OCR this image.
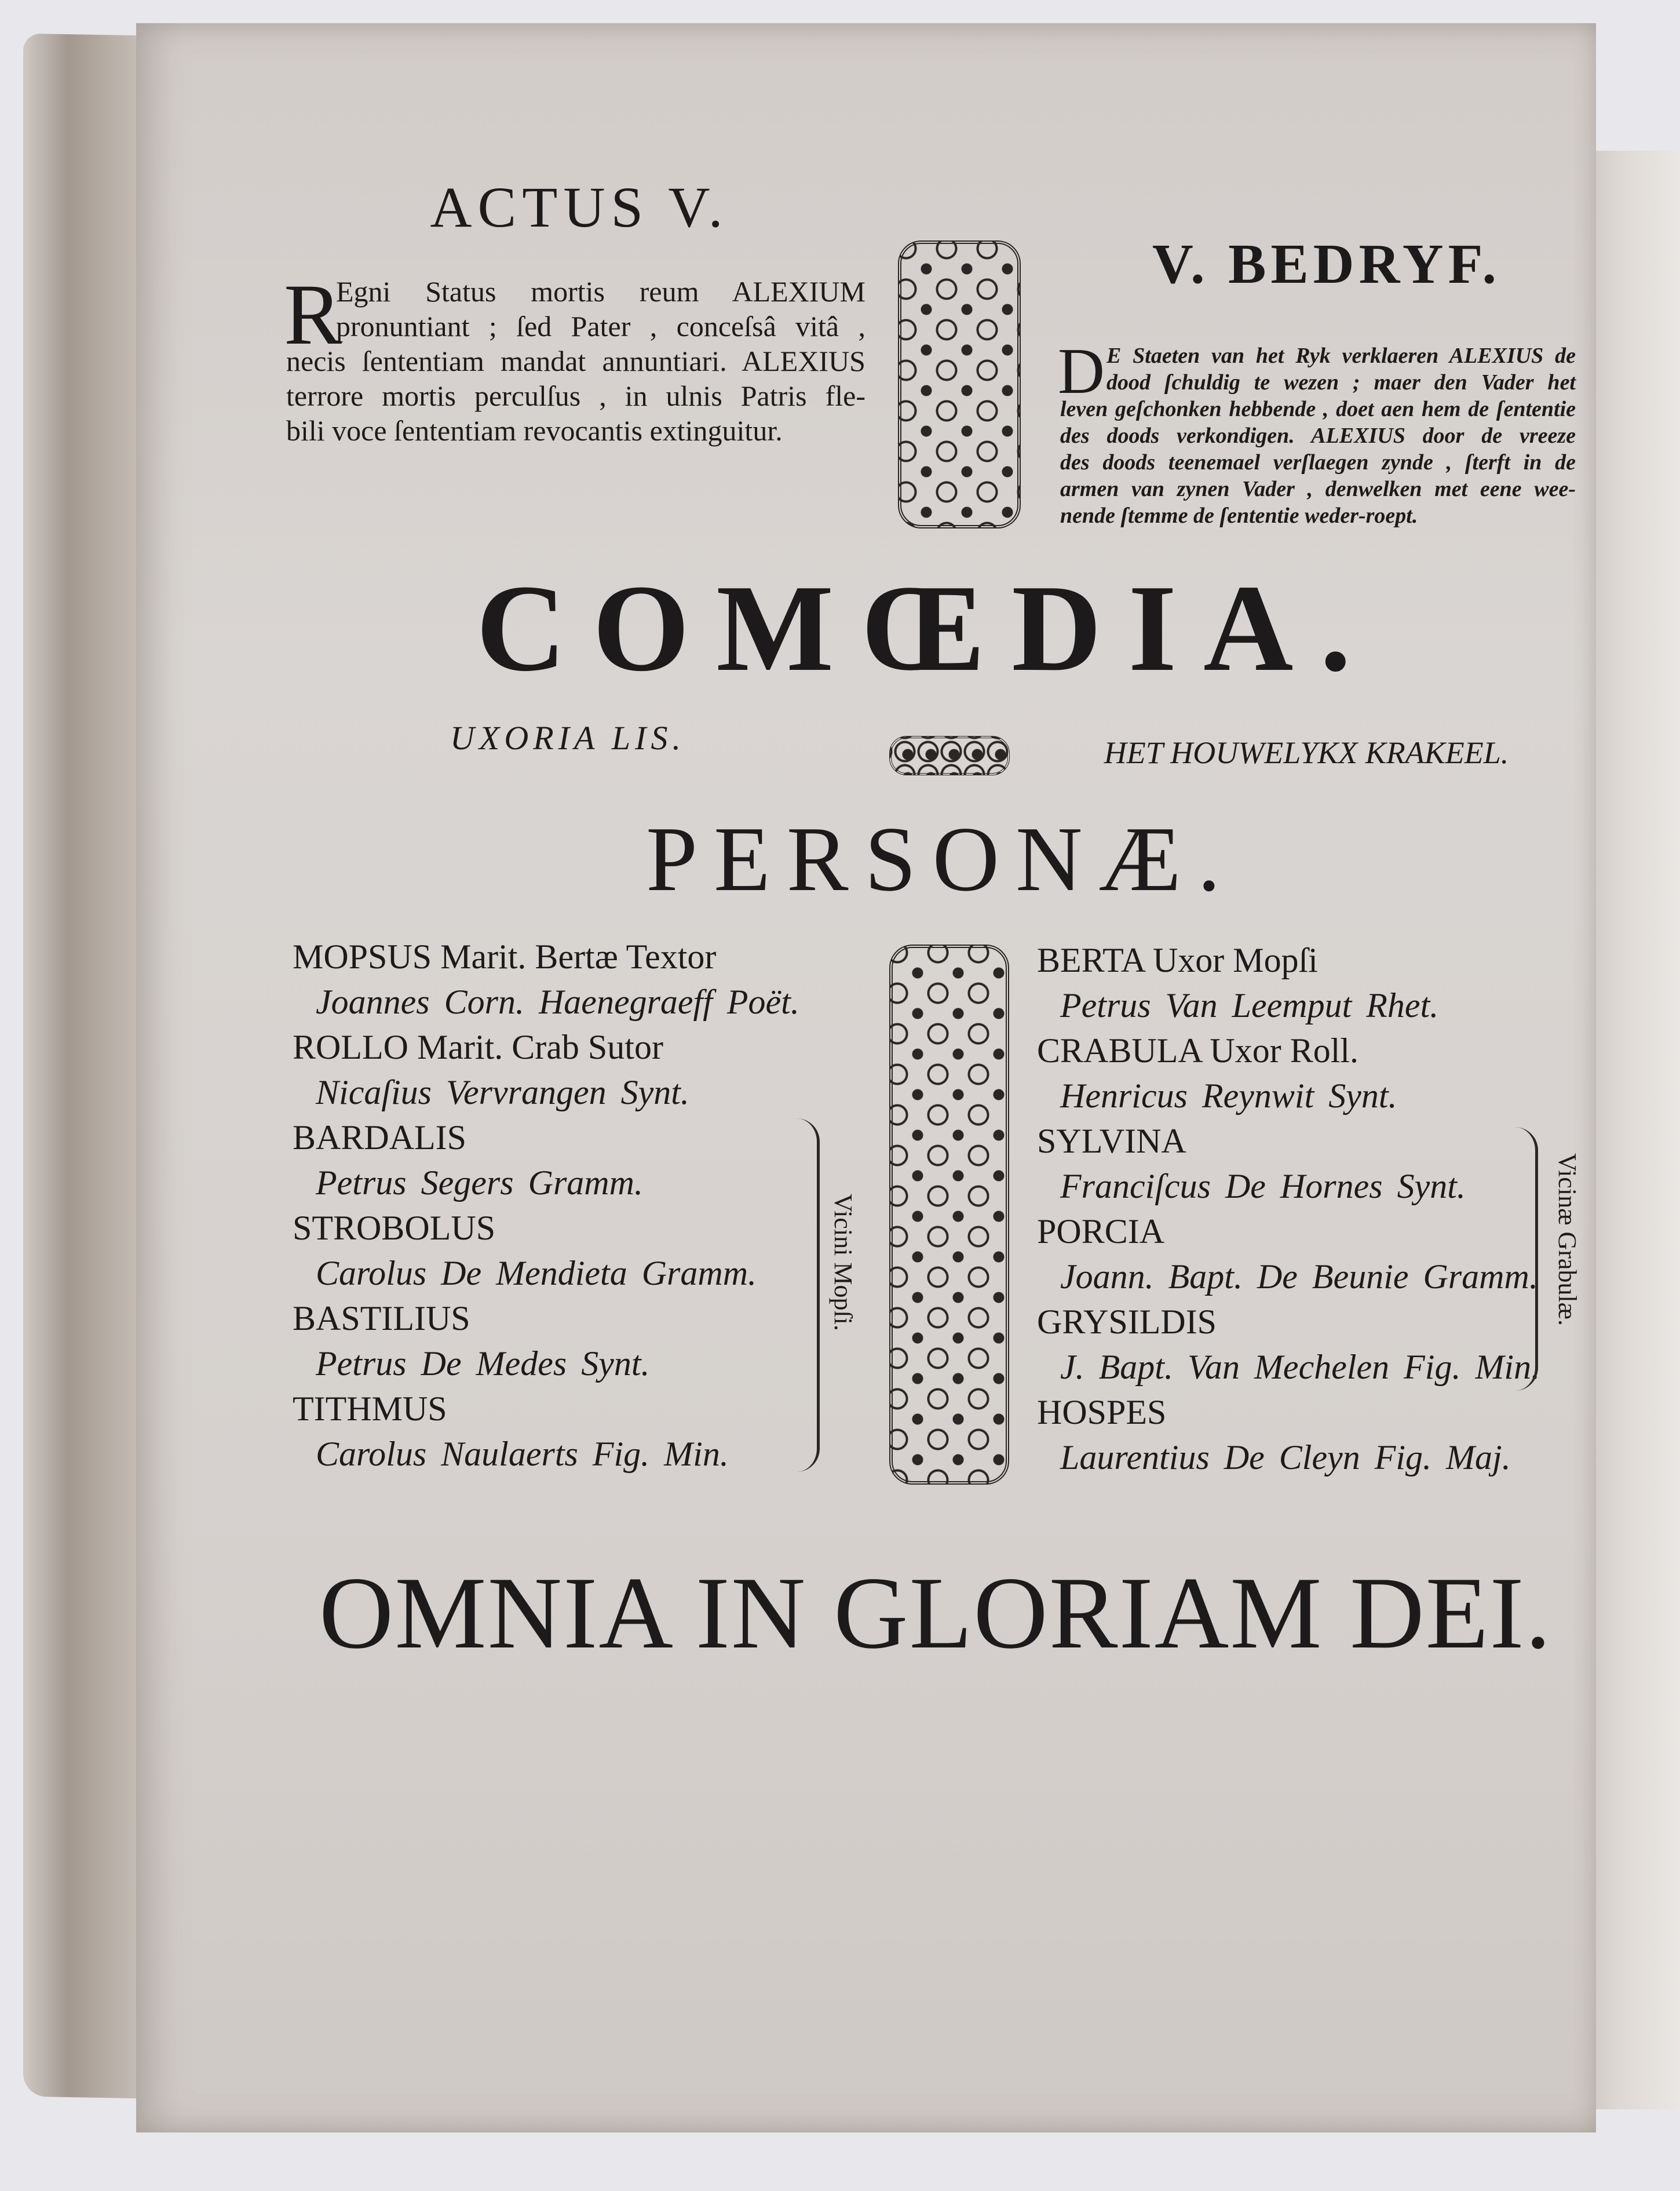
ACTUS V.
R
Egni Status mortis reum ALEXIUM
pronuntiant ; ſed Pater , conceſsâ vitâ ,
necis ſententiam mandat annuntiari. ALEXIUS
terrore mortis perculſus , in ulnis Patris fle-
bili voce ſententiam revocantis extinguitur.
V. BEDRYF.
D E Staeten van het Ryk verklaeren ALEXIUS de
dood ſchuldig te wezen ; maer den Vader het
leven geſchonken hebbende , doet aen hem de ſententie
des doods verkondigen. ALEXIUS door de vreeze
des doods teenemael verſlaegen zynde , ſterft in de
armen van zynen Vader , denwelken met eene wee-
nende ſtemme de ſententie weder-roept.
COMŒDIA.
UXORIA LIS.	HET HOUWELYKX KRAKEEL.
PERSONÆ.
MOPSUS Marit. Bertæ Textor
Joannes Corn. Haenegraeff Poët.
ROLLO Marit. Crab Sutor
Nicaſius Vervrangen Synt.
BARDALIS
Petrus Segers Gramm.
STROBOLUS
Carolus De Mendieta Gramm.
BASTILIUS
Petrus De Medes Synt.
TITHMUS
Carolus Naulaerts Fig. Min.
BERTA Uxor Mopſi
Petrus Van Leemput Rhet.
CRABULA Uxor Roll.
Henricus Reynwit Synt.
SYLVINA
Franciſcus De Hornes Synt.
PORCIA
Joann. Bapt. De Beunie Gramm.
GRYSILDIS
J. Bapt. Van Mechelen Fig. Min.
HOSPES
Laurentius De Cleyn Fig. Maj.
Vicini Mopſi.	Vicinæ Grabulæ.
OMNIA IN GLORIAM DEI.
